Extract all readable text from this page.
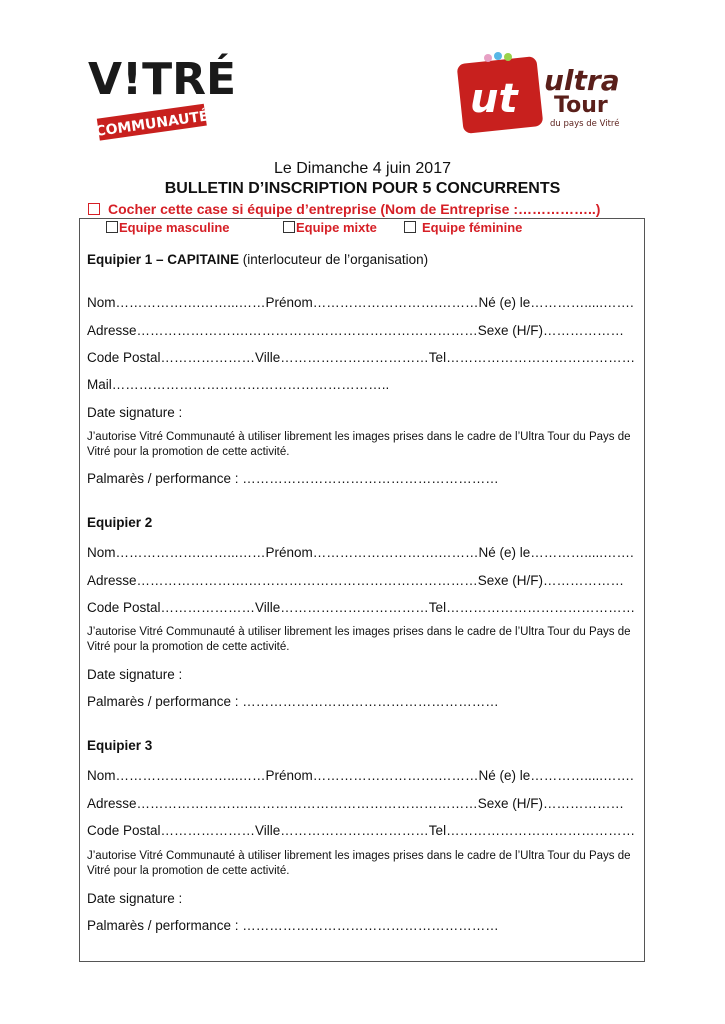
V!TRÉ
COMMUNAUTÉ
ut ultra
Tour
du pays de Vitré
Le Dimanche 4 juin 2017
BULLETIN D’INSCRIPTION POUR 5 CONCURRENTS
Cocher cette case si équipe d’entreprise (Nom de Entreprise :……………..)
Equipe masculine	Equipe mixte	Equipe féminine
Equipier 1 – CAPITAINE (interlocuteur de l’organisation)
Nom……………….……...……Prénom……………………….………Né (e) le………….....…….
Adresse…………………….……………………………………………Sexe (H/F)………………
Code Postal…………………Ville……………………………Tel……………………………………
Mail……………………………………………………..
Date signature :
J’autorise Vitré Communauté à utiliser librement les images prises dans le cadre de l’Ultra Tour du Pays de Vitré pour la promotion de cette activité.
Palmarès / performance : …………………………………………………
Equipier 2
Nom……………….……...……Prénom……………………….………Né (e) le………….....…….
Adresse…………………….……………………………………………Sexe (H/F)………………
Code Postal…………………Ville……………………………Tel……………………………………
J’autorise Vitré Communauté à utiliser librement les images prises dans le cadre de l’Ultra Tour du Pays de Vitré pour la promotion de cette activité.
Date signature :
Palmarès / performance : …………………………………………………
Equipier 3
Nom……………….……...……Prénom……………………….………Né (e) le………….....…….
Adresse…………………….……………………………………………Sexe (H/F)………………
Code Postal…………………Ville……………………………Tel……………………………………
J’autorise Vitré Communauté à utiliser librement les images prises dans le cadre de l’Ultra Tour du Pays de Vitré pour la promotion de cette activité.
Date signature :
Palmarès / performance : …………………………………………………
